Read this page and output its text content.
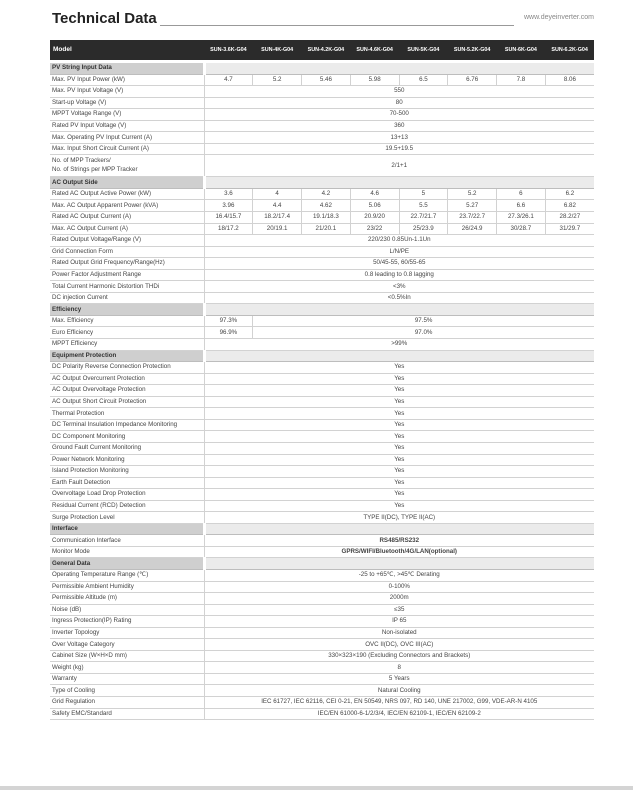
Technical Data	www.deyeinverter.com
Model	SUN-3.6K-G04	SUN-4K-G04	SUN-4.2K-G04	SUN-4.6K-G04	SUN-5K-G04	SUN-5.2K-G04	SUN-6K-G04	SUN-6.2K-G04
PV String Input Data								
Max. PV Input Power (kW)	4.7	5.2	5.46	5.98	6.5	6.76	7.8	8.06
Max. PV Input Voltage (V)	550							
Start-up Voltage (V)	80							
MPPT Voltage Range (V)	70-500							
Rated PV Input Voltage (V)	360							
Max. Operating PV Input Current (A)	13+13							
Max. Input Short Circuit Current (A)	19.5+19.5							
No. of MPP Trackers/
No. of Strings per MPP Tracker	2/1+1							
AC Output Side								
Rated AC Output Active Power (kW)	3.6	4	4.2	4.6	5	5.2	6	6.2
Max. AC Output Apparent Power (kVA)	3.96	4.4	4.62	5.06	5.5	5.27	6.6	6.82
Rated AC Output Current (A)	16.4/15.7	18.2/17.4	19.1/18.3	20.9/20	22.7/21.7	23.7/22.7	27.3/26.1	28.2/27
Max. AC Output Current (A)	18/17.2	20/19.1	21/20.1	23/22	25/23.9	26/24.9	30/28.7	31/29.7
Rated Output Voltage/Range (V)	220/230 0.85Un-1.1Un							
Grid Connection Form	L/N/PE							
Rated Output Grid Frequency/Range(Hz)	50/45-55, 60/55-65							
Power Factor Adjustment Range	0.8 leading to 0.8 lagging							
Total Current Harmonic Distortion THDi	<3%							
DC injection Current	<0.5%In							
Efficiency								
Max. Efficiency	97.3%	97.5%						
Euro Efficiency	96.9%	97.0%						
MPPT Efficiency	>99%							
Equipment Protection								
DC Polarity Reverse Connection Protection	Yes							
AC Output Overcurrent Protection	Yes							
AC Output Overvoltage Protection	Yes							
AC Output Short Circuit Protection	Yes							
Thermal Protection	Yes							
DC Terminal Insulation Impedance Monitoring	Yes							
DC Component Monitoring	Yes							
Ground Fault Current Monitoring	Yes							
Power Network Monitoring	Yes							
Island Protection Monitoring	Yes							
Earth Fault Detection	Yes							
Overvoltage Load Drop Protection	Yes							
Residual Current (RCD) Detection	Yes							
Surge Protection Level	TYPE II(DC), TYPE II(AC)							
Interface								
Communication Interface	RS485/RS232							
Monitor Mode	GPRS/WIFI/Bluetooth/4G/LAN(optional)							
General Data								
Operating Temperature Range (℃)	-25 to +65℃, >45℃ Derating							
Permissible Ambient Humidity	0-100%							
Permissible Altitude (m)	2000m							
Noise (dB)	≤35							
Ingress Protection(IP) Rating	IP 65							
Inverter Topology	Non-isolated							
Over Voltage Category	OVC II(DC), OVC III(AC)							
Cabinet Size (W×H×D mm)	330×323×190 (Excluding Connectors and Brackets)							
Weight (kg)	8							
Warranty	5 Years							
Type of Cooling	Natural Cooling							
Grid Regulation	IEC 61727, IEC 62116, CEI 0-21, EN 50549, NRS 097, RD 140, UNE 217002, G99, VDE-AR-N 4105							
Safety EMC/Standard	IEC/EN 61000-6-1/2/3/4, IEC/EN 62109-1, IEC/EN 62109-2							
